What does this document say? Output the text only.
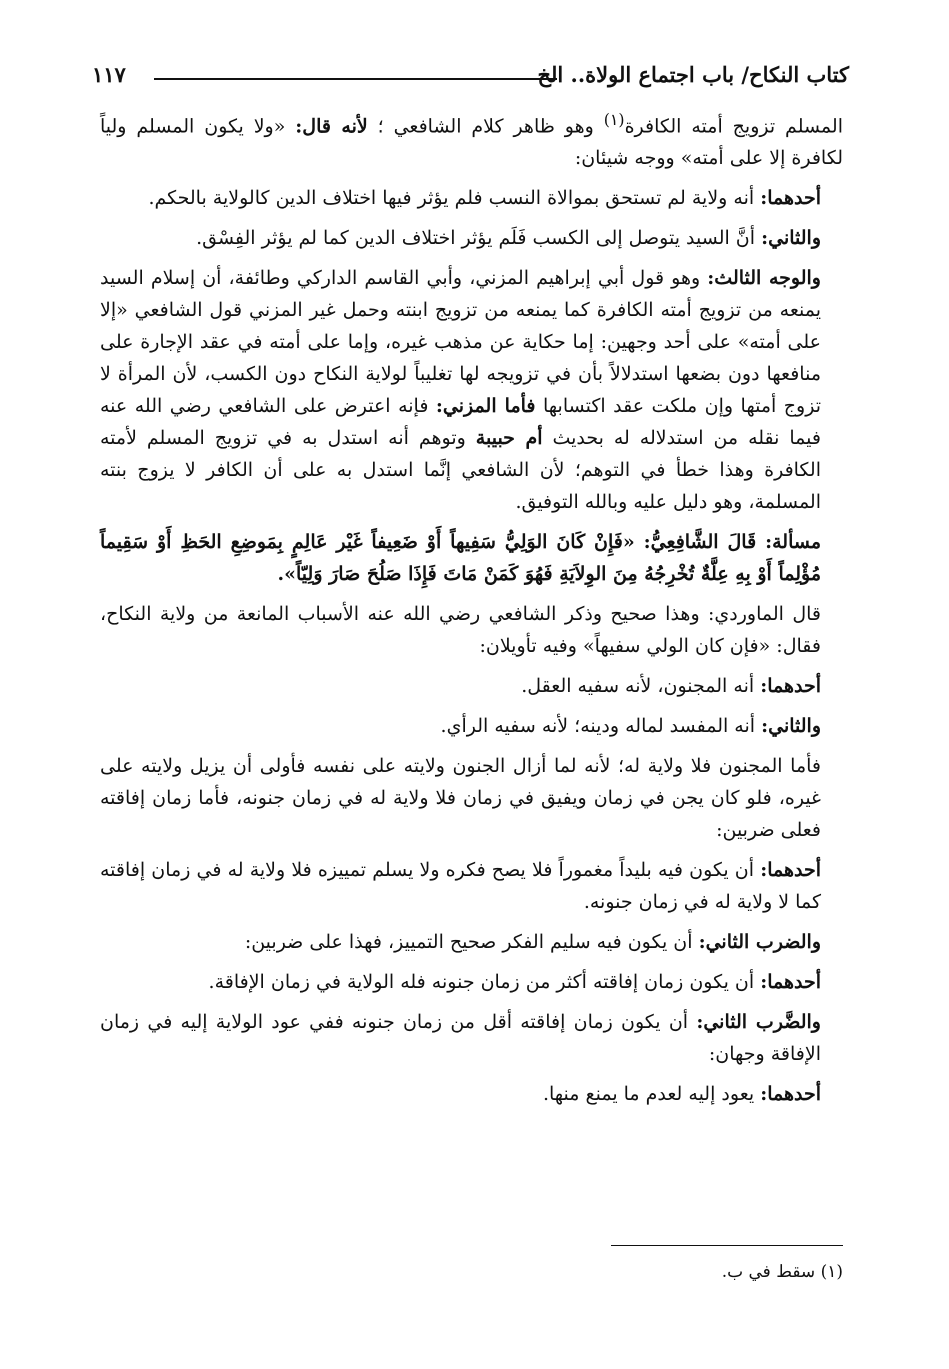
كتاب النكاح/ باب اجتماع الولاة.. الخ
١١٧

المسلم تزويج أمته الكافرة$^{(١)}$ وهو ظاهر كلام الشافعي ؛ لأنه قال: «ولا يكون المسلم ولياً لكافرة إلا على أمته» ووجه شيئان:

أحدهما: أنه ولاية لم تستحق بموالاة النسب فلم يؤثر فيها اختلاف الدين كالولاية بالحكم.

والثاني: أنَّ السيد يتوصل إلى الكسب فَلَم يؤثر اختلاف الدين كما لم يؤثر الفِسْق.

والوجه الثالث: وهو قول أبي إبراهيم المزني، وأبي القاسم الداركي وطائفة، أن إسلام السيد يمنعه من تزويج أمته الكافرة كما يمنعه من تزويج ابنته وحمل غير المزني قول الشافعي «إلا على أمته» على أحد وجهين: إما حكاية عن مذهب غيره، وإما على أمته في عقد الإجارة على منافعها دون بضعها استدلالاً بأن في تزويجه لها تغليباً لولاية النكاح دون الكسب، لأن المرأة لا تزوج أمتها وإن ملكت عقد اكتسابها فأما المزني: فإنه اعترض على الشافعي رضي الله عنه فيما نقله من استدلاله له بحديث أم حبيبة وتوهم أنه استدل به في تزويج المسلم لأمته الكافرة وهذا خطأ في التوهم؛ لأن الشافعي إنَّما استدل به على أن الكافر لا يزوج بنته المسلمة، وهو دليل عليه وبالله التوفيق.

مسألة: قَالَ الشَّافِعِيُّ: «فَإِنْ كَانَ الوَلِيُّ سَفِيهاً أَوْ ضَعِيفاً غَيْر عَالِمٍ بِمَوضِعِ الحَظِ أَوْ سَقِيماً مُؤْلِماً أَوْ بِهِ عِلَّةٌ تُخْرِجُهُ مِنَ الوِلاَيَةِ فَهُوَ كَمَنْ مَاتَ فَإِذَا صَلُحَ صَارَ وَلِيّاً».

قال الماوردي: وهذا صحيح وذكر الشافعي رضي الله عنه الأسباب المانعة من ولاية النكاح، فقال: «فإن كان الولي سفيهاً» وفيه تأويلان:

أحدهما: أنه المجنون، لأنه سفيه العقل.

والثاني: أنه المفسد لماله ودينه؛ لأنه سفيه الرأي.

فأما المجنون فلا ولاية له؛ لأنه لما أزال الجنون ولايته على نفسه فأولى أن يزيل ولايته على غيره، فلو كان يجن في زمان ويفيق في زمان فلا ولاية له في زمان جنونه، فأما زمان إفاقته فعلى ضربين:

أحدهما: أن يكون فيه بليداً مغموراً فلا يصح فكره ولا يسلم تمييزه فلا ولاية له في زمان إفاقته كما لا ولاية له في زمان جنونه.

والضرب الثاني: أن يكون فيه سليم الفكر صحيح التمييز، فهذا على ضربين:

أحدهما: أن يكون زمان إفاقته أكثر من زمان جنونه فله الولاية في زمان الإفاقة.

والضَّرب الثاني: أن يكون زمان إفاقته أقل من زمان جنونه ففي عود الولاية إليه في زمان الإفاقة وجهان:

أحدهما: يعود إليه لعدم ما يمنع منها.

(١) سقط في ب.
